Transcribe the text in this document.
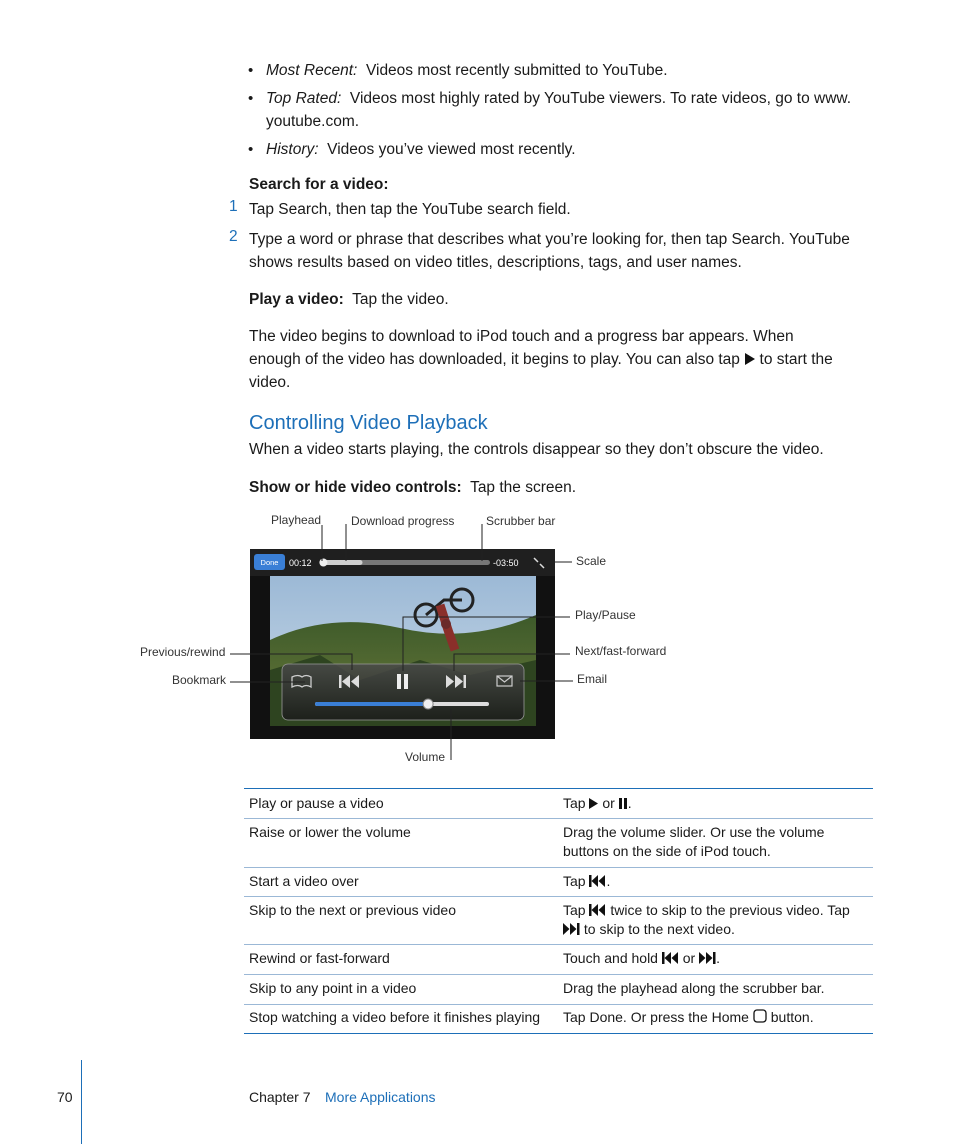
• Most Recent: Videos most recently submitted to YouTube.
• Top Rated: Videos most highly rated by YouTube viewers. To rate videos, go to www.
youtube.com.
• History: Videos you’ve viewed most recently.
Search for a video:
1 Tap Search, then tap the YouTube search field.
2 Type a word or phrase that describes what you’re looking for, then tap Search. YouTube
shows results based on video titles, descriptions, tags, and user names.
Play a video: Tap the video.
The video begins to download to iPod touch and a progress bar appears. When
enough of the video has downloaded, it begins to play. You can also tap to start the
video.
Controlling Video Playback
When a video starts playing, the controls disappear so they don’t obscure the video.
Show or hide video controls: Tap the screen.
Playhead Download progress	Scrubber bar
Scale
Play/Pause
Previous/rewind	Next/fast-forward
Bookmark	Email
Volume
Done 00:12	-03:50
Play or pause a video	Tap or .
Raise or lower the volume	Drag the volume slider. Or use the volume
buttons on the side of iPod touch.
Start a video over	Tap .
Skip to the next or previous video	Tap twice to skip to the previous video. Tap
to skip to the next video.
Rewind or fast-forward	Touch and hold or .
Skip to any point in a video	Drag the playhead along the scrubber bar.
Stop watching a video before it finishes playing	Tap Done. Or press the Home button.
70	Chapter 7 More Applications
